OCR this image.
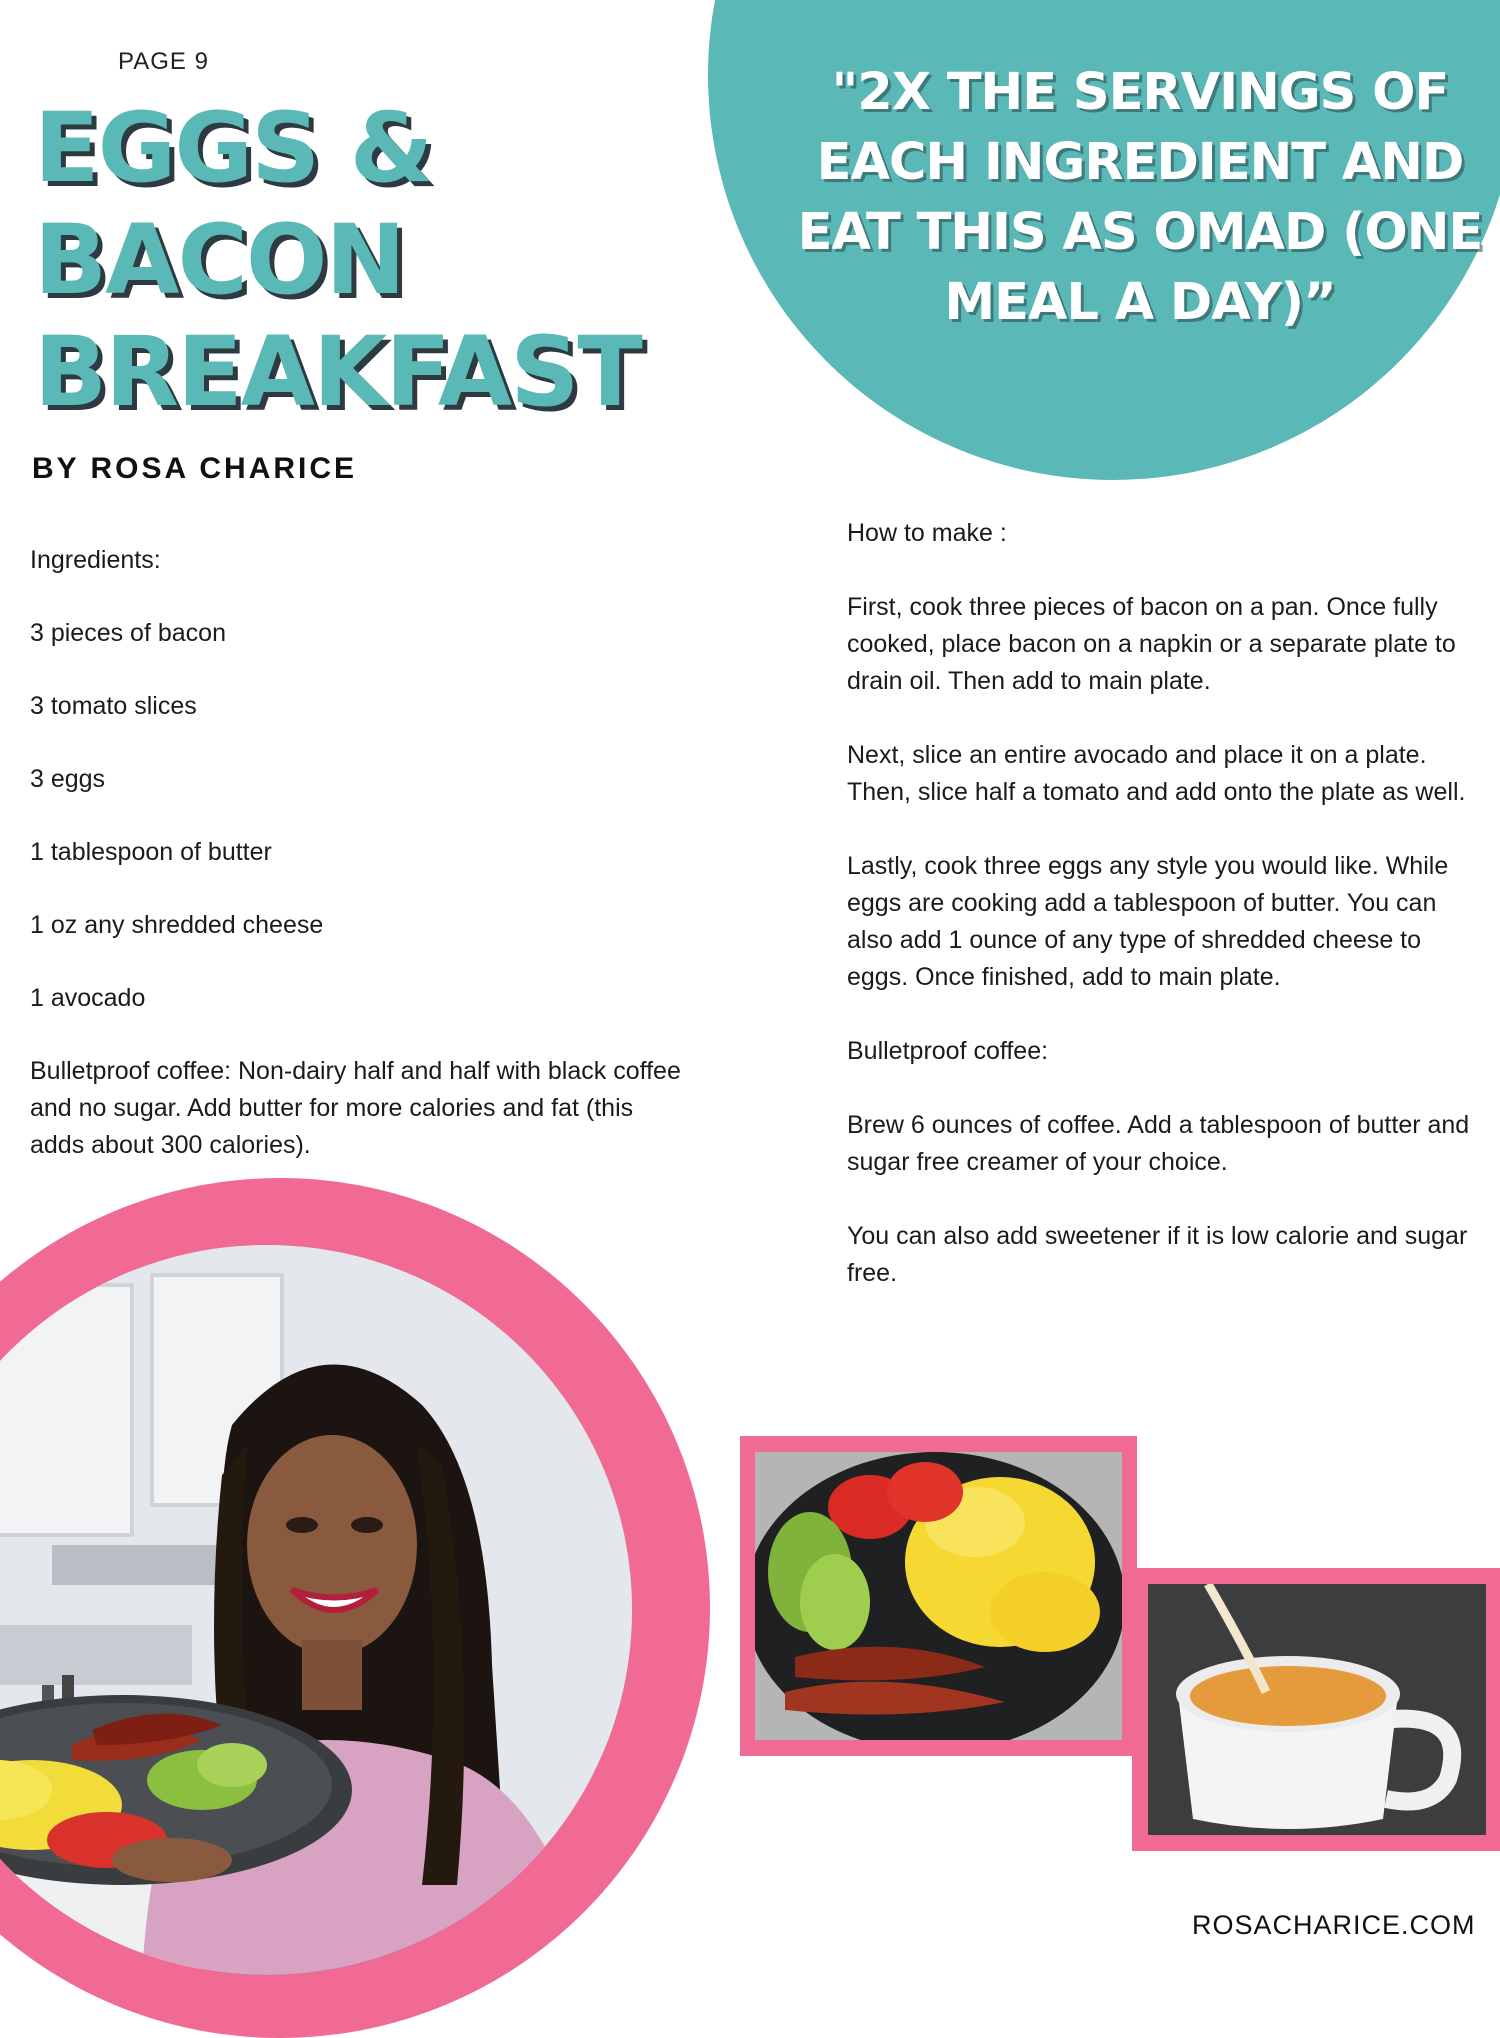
PAGE 9
EGGS &
BACON
BREAKFAST
BY ROSA CHARICE
"2X THE SERVINGS OF EACH INGREDIENT AND EAT THIS AS OMAD (ONE MEAL A DAY)”

Ingredients:

3 pieces of bacon

3 tomato slices

3 eggs

1 tablespoon of butter

1 oz any shredded cheese

1 avocado

Bulletproof coffee: Non-dairy half and half with black coffee and no sugar. Add butter for more calories and fat (this adds about 300 calories).

How to make :

First, cook three pieces of bacon on a pan. Once fully cooked, place bacon on a napkin or a separate plate to drain oil. Then add to main plate.

Next, slice an entire avocado and place it on a plate. Then, slice half a tomato and add onto the plate as well.

Lastly, cook three eggs any style you would like. While eggs are cooking add a tablespoon of butter. You can also add 1 ounce of any type of shredded cheese to eggs. Once finished, add to main plate.

Bulletproof coffee:

Brew 6 ounces of coffee. Add a tablespoon of butter and sugar free creamer of your choice.

You can also add sweetener if it is low calorie and sugar free.

ROSACHARICE.COM
